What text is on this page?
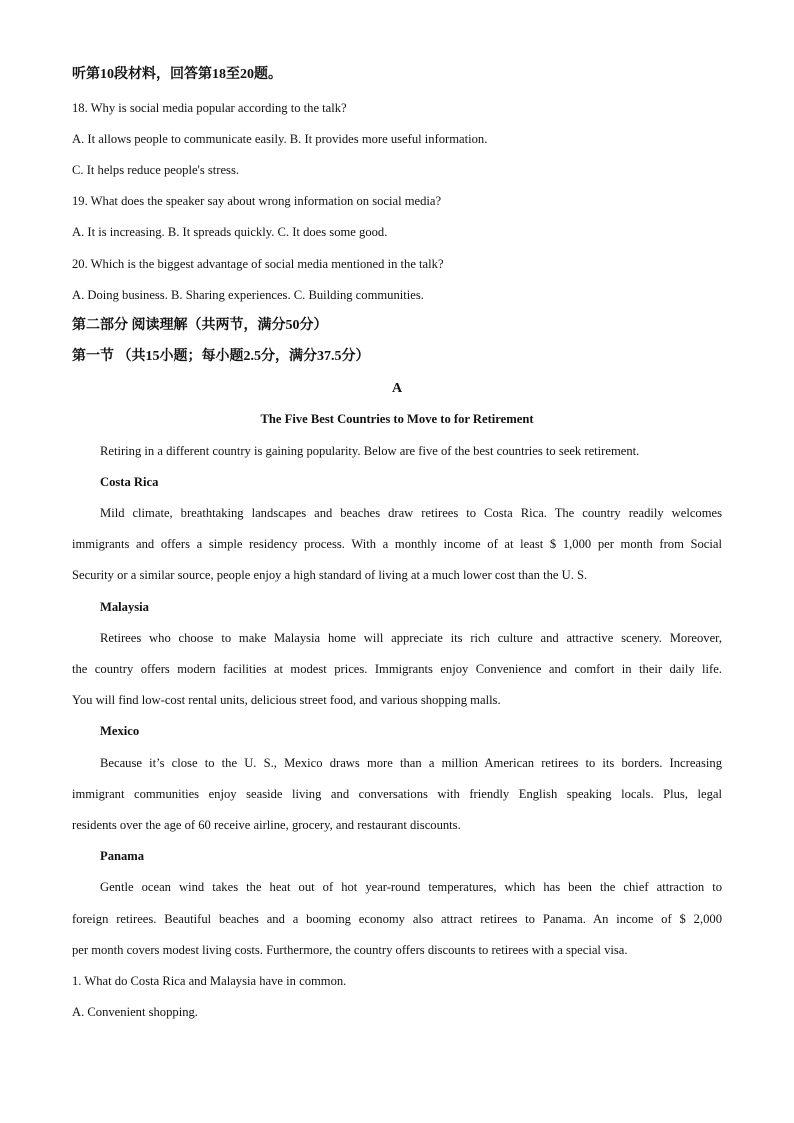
听第10段材料，回答第18至20题。
18. Why is social media popular according to the talk?
A. It allows people to communicate easily. B. It provides more useful information.
C. It helps reduce people's stress.
19. What does the speaker say about wrong information on social media?
A. It is increasing. B. It spreads quickly. C. It does some good.
20. Which is the biggest advantage of social media mentioned in the talk?
A. Doing business. B. Sharing experiences. C. Building communities.
第二部分 阅读理解（共两节，满分50分）
第一节 （共15小题；每小题2.5分，满分37.5分）
A
The Five Best Countries to Move to for Retirement
Retiring in a different country is gaining popularity. Below are five of the best countries to seek retirement.
Costa Rica
Mild climate, breathtaking landscapes and beaches draw retirees to Costa Rica. The country readily welcomes
immigrants and offers a simple residency process. With a monthly income of at least $ 1,000 per month from Social
Security or a similar source, people enjoy a high standard of living at a much lower cost than the U. S.
Malaysia
Retirees who choose to make Malaysia home will appreciate its rich culture and attractive scenery. Moreover,
the country offers modern facilities at modest prices. Immigrants enjoy Convenience and comfort in their daily life.
You will find low-cost rental units, delicious street food, and various shopping malls.
Mexico
Because it’s close to the U. S., Mexico draws more than a million American retirees to its borders. Increasing
immigrant communities enjoy seaside living and conversations with friendly English speaking locals. Plus, legal
residents over the age of 60 receive airline, grocery, and restaurant discounts.
Panama
Gentle ocean wind takes the heat out of hot year-round temperatures, which has been the chief attraction to
foreign retirees. Beautiful beaches and a booming economy also attract retirees to Panama. An income of $ 2,000
per month covers modest living costs. Furthermore, the country offers discounts to retirees with a special visa.
1. What do Costa Rica and Malaysia have in common.
A. Convenient shopping.
